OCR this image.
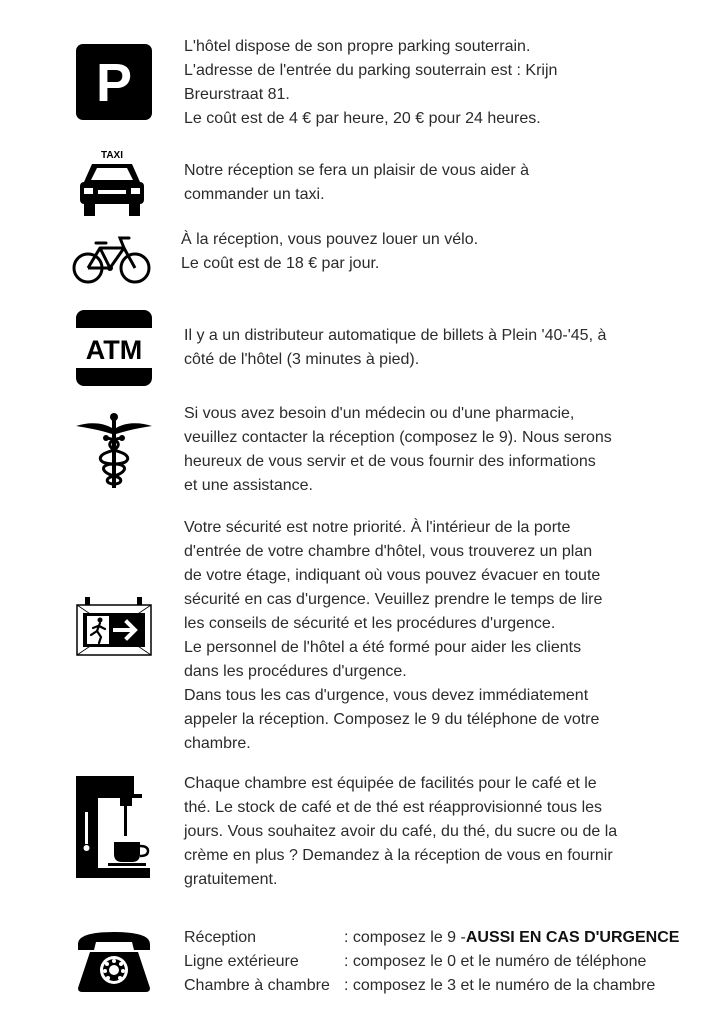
P

L'hôtel dispose de son propre parking souterrain.

L'adresse de l'entrée du parking souterrain est : Krijn

Breurstraat 81.

Le coût est de 4 € par heure, 20 € pour 24 heures.

TAXI

Notre réception se fera un plaisir de vous aider à

commander un taxi.

À la réception, vous pouvez louer un vélo.

Le coût est de 18 € par jour.

ATM	Il y a un distributeur automatique de billets à Plein '40-'45, à

côté de l'hôtel (3 minutes à pied).

Si vous avez besoin d'un médecin ou d'une pharmacie,

veuillez contacter la réception (composez le 9). Nous serons

heureux de vous servir et de vous fournir des informations

et une assistance.

Votre sécurité est notre priorité. À l'intérieur de la porte

d'entrée de votre chambre d'hôtel, vous trouverez un plan

de votre étage, indiquant où vous pouvez évacuer en toute

sécurité en cas d'urgence. Veuillez prendre le temps de lire

les conseils de sécurité et les procédures d'urgence.

Le personnel de l'hôtel a été formé pour aider les clients

dans les procédures d'urgence.

Dans tous les cas d'urgence, vous devez immédiatement

appeler la réception. Composez le 9 du téléphone de votre

chambre.

Chaque chambre est équipée de facilités pour le café et le

thé. Le stock de café et de thé est réapprovisionné tous les

jours. Vous souhaitez avoir du café, du thé, du sucre ou de la

crème en plus ? Demandez à la réception de vous en fournir

gratuitement.

Réception	: composez le 9 - AUSSI EN CAS D'URGENCE
Ligne extérieure	: composez le 0 et le numéro de téléphone
Chambre à chambre : composez le 3 et le numéro de la chambre
